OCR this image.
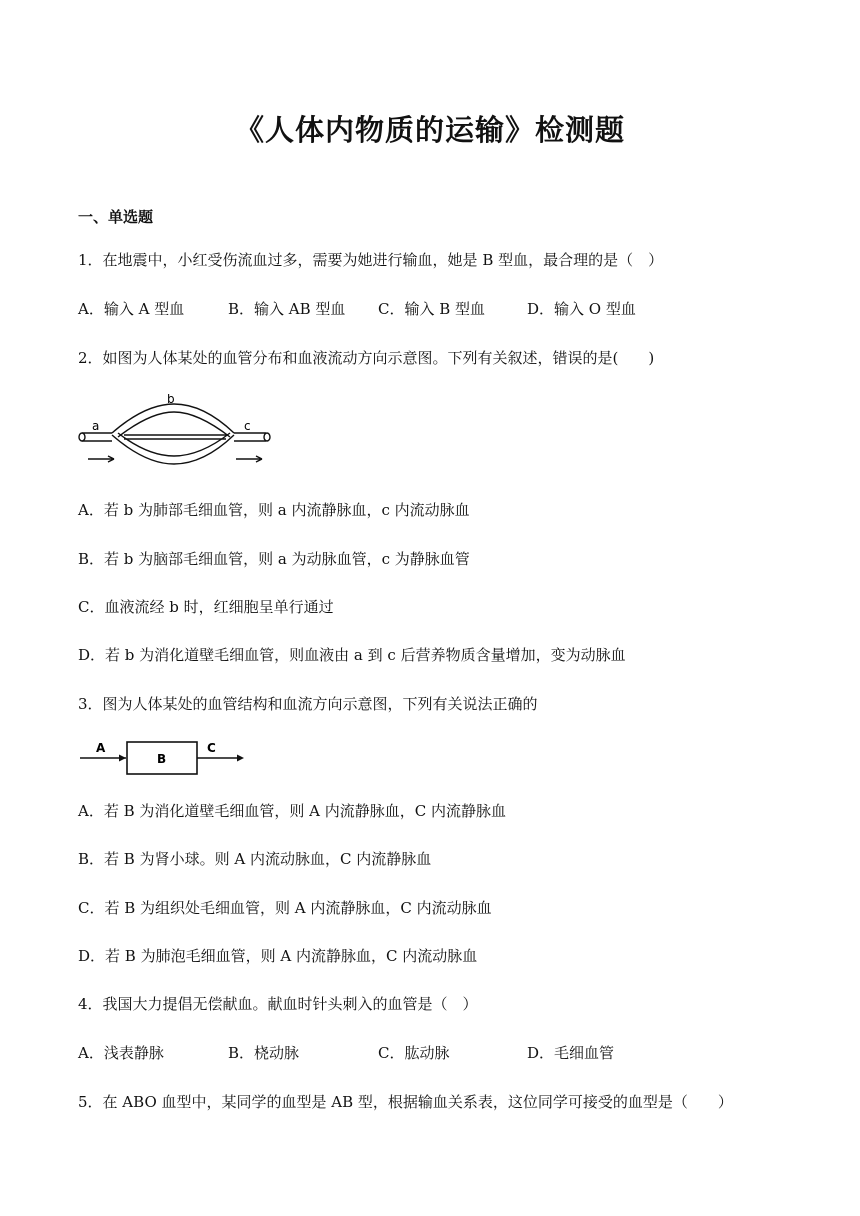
《人体内物质的运输》检测题
一、单选题
1．在地震中，小红受伤流血过多，需要为她进行输血，她是 B 型血，最合理的是（　）
A．输入 A 型血	B．输入 AB 型血 C．输入 B 型血	D．输入 O 型血
2．如图为人体某处的血管分布和血液流动方向示意图。下列有关叙述，错误的是(　　)
a
b
c
A．若 b 为肺部毛细血管，则 a 内流静脉血，c 内流动脉血
B．若 b 为脑部毛细血管，则 a 为动脉血管，c 为静脉血管
C．血液流经 b 时，红细胞呈单行通过
D．若 b 为消化道壁毛细血管，则血液由 a 到 c 后营养物质含量增加，变为动脉血
3．图为人体某处的血管结构和血流方向示意图，下列有关说法正确的
A
B
C
A．若 B 为消化道壁毛细血管，则 A 内流静脉血，C 内流静脉血
B．若 B 为肾小球。则 A 内流动脉血，C 内流静脉血
C．若 B 为组织处毛细血管，则 A 内流静脉血，C 内流动脉血
D．若 B 为肺泡毛细血管，则 A 内流静脉血，C 内流动脉血
4．我国大力提倡无偿献血。献血时针头刺入的血管是（　）
A．浅表静脉	B．桡动脉	C．肱动脉	D．毛细血管
5．在 ABO 血型中，某同学的血型是 AB 型，根据输血关系表，这位同学可接受的血型是（　　）
